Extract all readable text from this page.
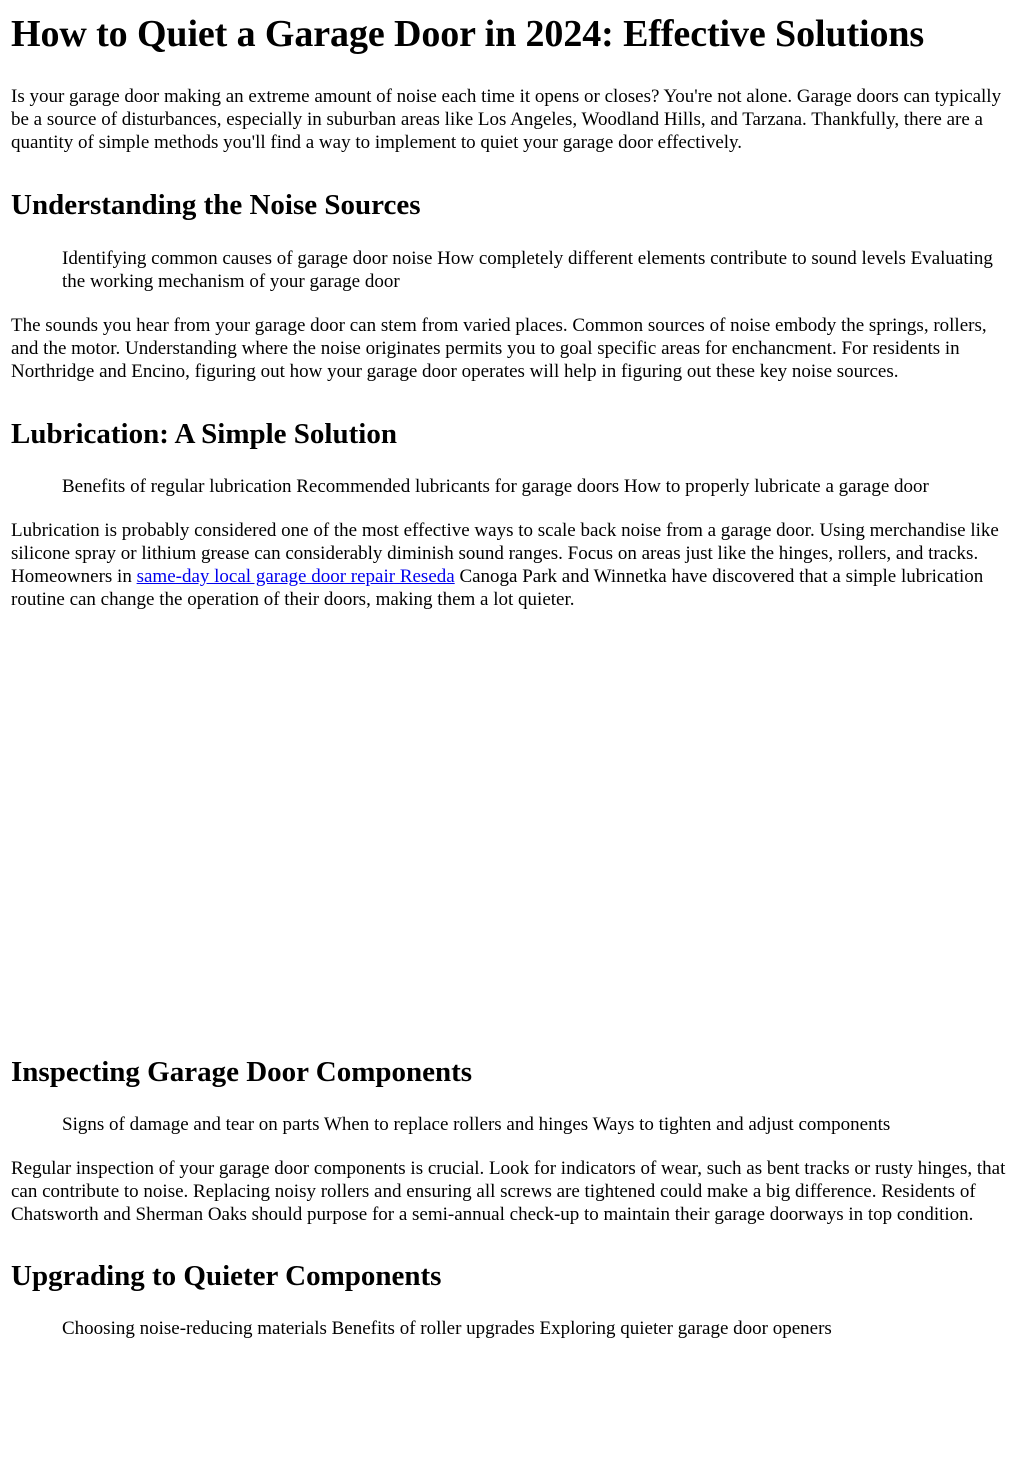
How to Quiet a Garage Door in 2024: Effective Solutions

Is your garage door making an extreme amount of noise each time it opens or closes? You're not alone. Garage doors can typically be a source of disturbances, especially in suburban areas like Los Angeles, Woodland Hills, and Tarzana. Thankfully, there are a quantity of simple methods you'll find a way to implement to quiet your garage door effectively.

Understanding the Noise Sources

Identifying common causes of garage door noise How completely different elements contribute to sound levels Evaluating the working mechanism of your garage door

The sounds you hear from your garage door can stem from varied places. Common sources of noise embody the springs, rollers, and the motor. Understanding where the noise originates permits you to goal specific areas for enchancment. For residents in Northridge and Encino, figuring out how your garage door operates will help in figuring out these key noise sources.

Lubrication: A Simple Solution

Benefits of regular lubrication Recommended lubricants for garage doors How to properly lubricate a garage door

Lubrication is probably considered one of the most effective ways to scale back noise from a garage door. Using merchandise like silicone spray or lithium grease can considerably diminish sound ranges. Focus on areas just like the hinges, rollers, and tracks. Homeowners in same-day local garage door repair Reseda Canoga Park and Winnetka have discovered that a simple lubrication routine can change the operation of their doors, making them a lot quieter.

Inspecting Garage Door Components

Signs of damage and tear on parts When to replace rollers and hinges Ways to tighten and adjust components

Regular inspection of your garage door components is crucial. Look for indicators of wear, such as bent tracks or rusty hinges, that can contribute to noise. Replacing noisy rollers and ensuring all screws are tightened could make a big difference. Residents of Chatsworth and Sherman Oaks should purpose for a semi-annual check-up to maintain their garage doorways in top condition.

Upgrading to Quieter Components

Choosing noise-reducing materials Benefits of roller upgrades Exploring quieter garage door openers
